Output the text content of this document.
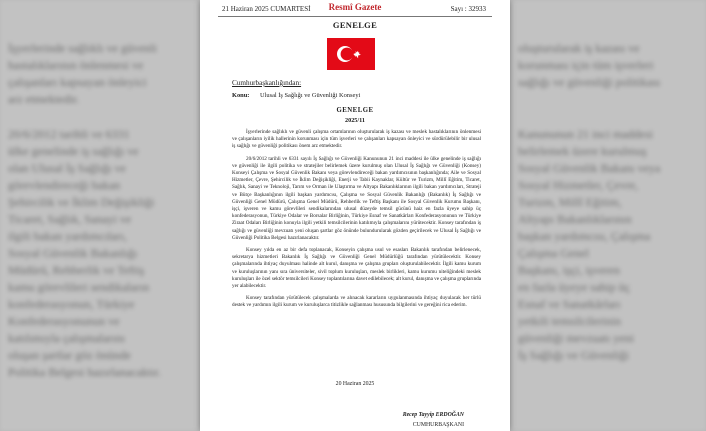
İşyerlerinde sağlıklı ve güvenli
hastalıklarının önlenmesi ve
çalışanları kapsayan önleyici
arz etmektedir.
20/6/2012 tarihli ve 6331
ülke genelinde iş sağlığı ve
olan Ulusal İş Sağlığı ve
görevlendireceği bakan
Şehircilik ve İklim Değişikliği
Ticaret, Sağlık, Sanayi ve
ilgili bakan yardımcıları,
Sosyal Güvenlik Bakanlığı
Müdürü, Rehberlik ve Teftiş
kamu görevlileri sendikaların
konfederasyonun, Türkiye
Konfederasyonunun ve
katılımıyla çalışmalarını
oluşan şartlar göz önünde
Politika Belgesi hazırlanacaktır.
oluşturularak iş kazası ve
korunması için tüm işverleri
sağlığı ve güvenliği politikası
Kanununun 21 inci maddesi
belirlemek üzere kurulmuş
Sosyal Güvenlik Bakanı veya
Sosyal Hizmetler, Çevre,
Turizm, Millî Eğitim,
Altyapı Bakanlıklarının
başkan yardımcısı, Çalışma
Çalışma Genel
Başkanı, işçi, işveren
en fazla üyeye sahip üç
Esnaf ve Sanatkârları
yetkili temsilcilerinin
güvenliği mevzuatı yeni
İş Sağlığı ve Güvenliği
21 Haziran 2025 CUMARTESİ	Resmî Gazete	Sayı : 32933
GENELGE
Cumhurbaşkanlığından:
Konu: Ulusal İş Sağlığı ve Güvenliği Konseyi
GENELGE
2025/11

İşyerlerinde sağlıklı ve güvenli çalışma ortamlarının oluşturularak iş kazası ve meslek hastalıklarının önlenmesi ve çalışanların iyilik hallerinin korunması için tüm işverleri ve çalışanları kapsayan önleyici ve sürdürülebilir bir ulusal iş sağlığı ve güvenliği politikası önem arz etmektedir.

20/6/2012 tarihli ve 6331 sayılı İş Sağlığı ve Güvenliği Kanununun 21 inci maddesi ile ülke genelinde iş sağlığı ve güvenliği ile ilgili politika ve stratejiler belirlemek üzere kurulmuş olan Ulusal İş Sağlığı ve Güvenliği (Konsey) Konseyi Çalışma ve Sosyal Güvenlik Bakanı veya görevlendireceği bakan yardımcısının başkanlığında; Aile ve Sosyal Hizmetler, Çevre, Şehircilik ve İklim Değişikliği, Enerji ve Tabii Kaynaklar, Kültür ve Turizm, Millî Eğitim, Ticaret, Sağlık, Sanayi ve Teknoloji, Tarım ve Orman ile Ulaştırma ve Altyapı Bakanlıklarının ilgili bakan yardımcıları, Strateji ve Bütçe Başkanlığının ilgili başkan yardımcısı, Çalışma ve Sosyal Güvenlik Bakanlığı (Bakanlık) İş Sağlığı ve Güvenliği Genel Müdürü, Çalışma Genel Müdürü, Rehberlik ve Teftiş Başkanı ile Sosyal Güvenlik Kurumu Başkanı, işçi, işveren ve kamu görevlileri sendikalarından ulusal düzeyde temsil gücünü haiz en fazla üyeye sahip üç konfederasyonun, Türkiye Odalar ve Borsalar Birliğinin, Türkiye Esnaf ve Sanatkârları Konfederasyonunun ve Türkiye Ziraat Odaları Birliğinin konuyla ilgili yetkili temsilcilerinin katılımıyla çalışmalarını yürütecektir. Konsey tarafından iş sağlığı ve güvenliği mevzuatı yeni oluşan şartlar göz önünde bulundurularak gözden geçirilecek ve Ulusal İş Sağlığı ve Güvenliği Politika Belgesi hazırlanacaktır.

Konsey yılda en az bir defa toplanacak, Konseyin çalışma usul ve esasları Bakanlık tarafından belirlenecek, sekretarya hizmetleri Bakanlık İş Sağlığı ve Güvenliği Genel Müdürlüğü tarafından yürütülecektir. Konsey çalışmalarında ihtiyaç duyulması halinde alt kurul, danışma ve çalışma grupları oluşturulabilecektir. İlgili kamu kurum ve kuruluşlarının yanı sıra üniversiteler, sivil toplum kuruluşları, meslek birlikleri, kamu kurumu niteliğindeki meslek kuruluşları ile özel sektör temsilcileri Konsey toplantılarına davet edilebilecek; alt kurul, danışma ve çalışma gruplarında yer alabilecektir.

Konsey tarafından yürütülecek çalışmalarda ve alınacak kararların uygulanmasında ihtiyaç duyulacak her türlü destek ve yardımın ilgili kurum ve kuruluşlarca titizlikle sağlanması hususunda bilgilerini ve gereğini rica ederim.

20 Haziran 2025
Recep Tayyip ERDOĞAN
CUMHURBAŞKANI
